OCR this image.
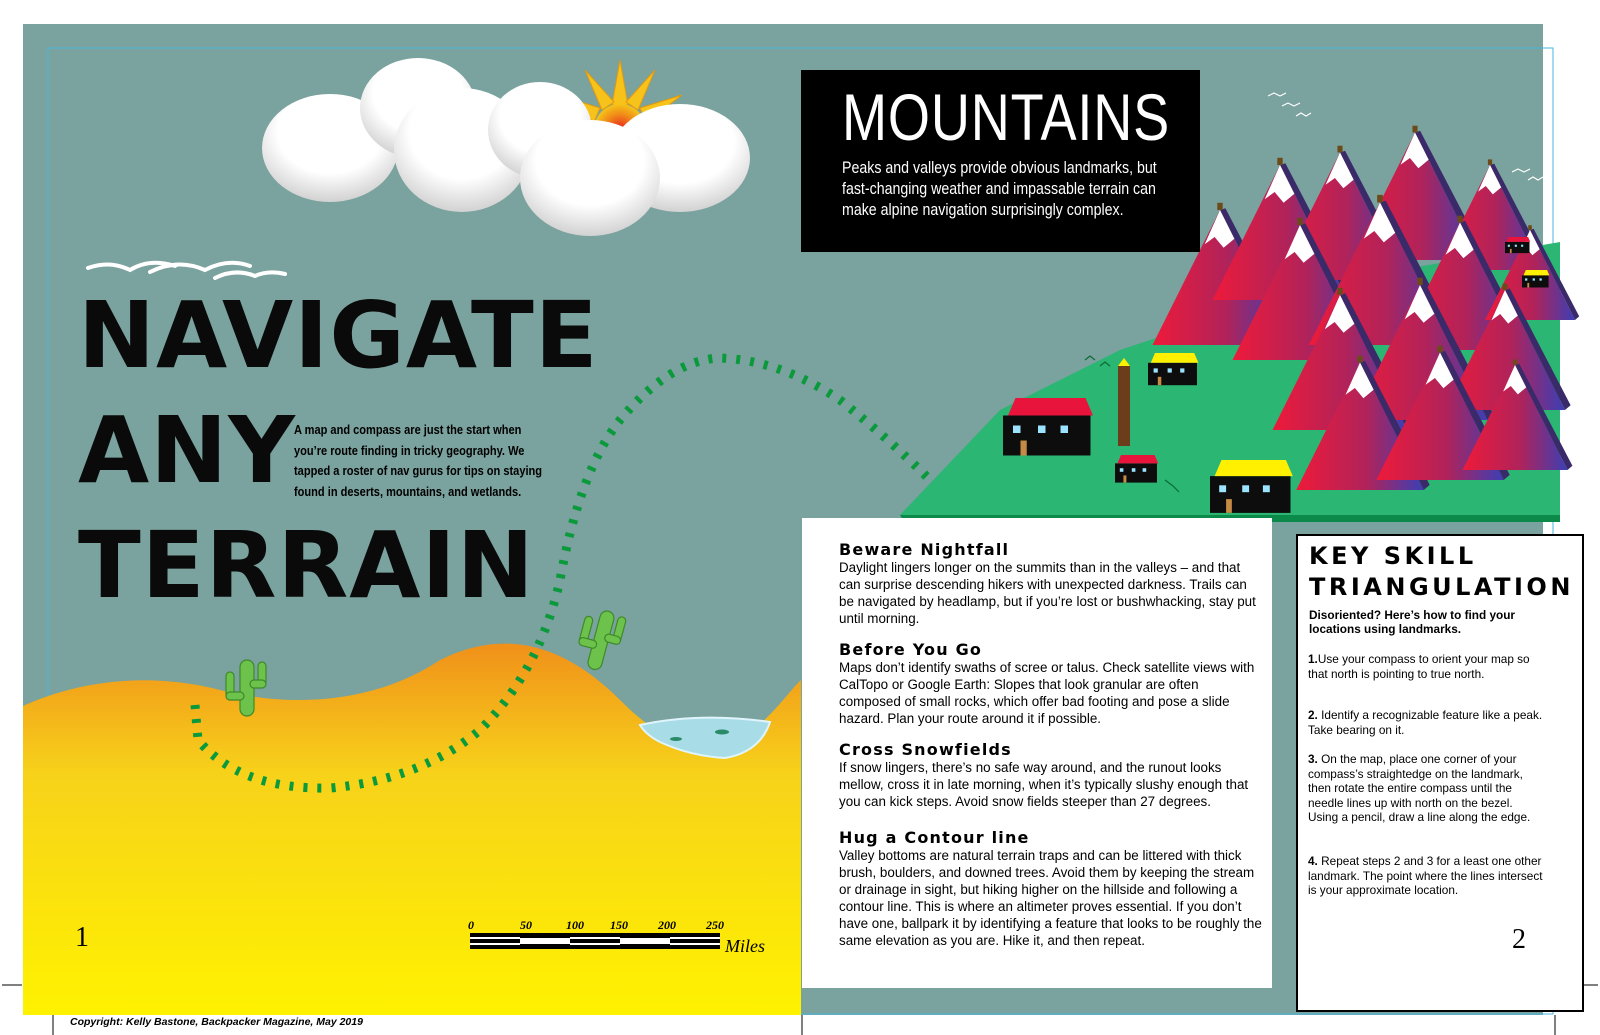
NAVIGATE
ANY
TERRAIN
A map and compass are just the start when you’re route finding in tricky geography. We tapped a roster of nav gurus for tips on staying found in deserts, mountains, and wetlands.
0	50	100 150	200	250
Miles
1
Copyright: Kelly Bastone, Backpacker Magazine, May 2019
MOUNTAINS
Peaks and valleys provide obvious landmarks, but fast-changing weather and impassable terrain can make alpine navigation surprisingly complex.
Beware Nightfall
Daylight lingers longer on the summits than in the valleys – and that can surprise descending hikers with unexpected darkness. Trails can be navigated by headlamp, but if you’re lost or bushwhacking, stay put until morning.
Before You Go
Maps don’t identify swaths of scree or talus. Check satellite views with CalTopo or Google Earth: Slopes that look granular are often composed of small rocks, which offer bad footing and pose a slide hazard. Plan your route around it if possible.
Cross Snowfields
If snow lingers, there’s no safe way around, and the runout looks mellow, cross it in late morning, when it’s typically slushy enough that you can kick steps. Avoid snow fields steeper than 27 degrees.
Hug a Contour line
Valley bottoms are natural terrain traps and can be littered with thick brush, boulders, and downed trees. Avoid them by keeping the stream or drainage in sight, but hiking higher on the hillside and following a contour line. This is where an altimeter proves essential. If you don’t have one, ballpark it by identifying a feature that looks to be roughly the same elevation as you are. Hike it, and then repeat.
KEY SKILL
TRIANGULATION
Disoriented? Here’s how to find your locations using landmarks.
1.Use your compass to orient your map so that north is pointing to true north.
2. Identify a recognizable feature like a peak. Take bearing on it.
3. On the map, place one corner of your compass’s straightedge on the landmark, then rotate the entire compass until the needle lines up with north on the bezel. Using a pencil, draw a line along the edge.
4. Repeat steps 2 and 3 for a least one other landmark. The point where the lines intersect is your approximate location.
2
